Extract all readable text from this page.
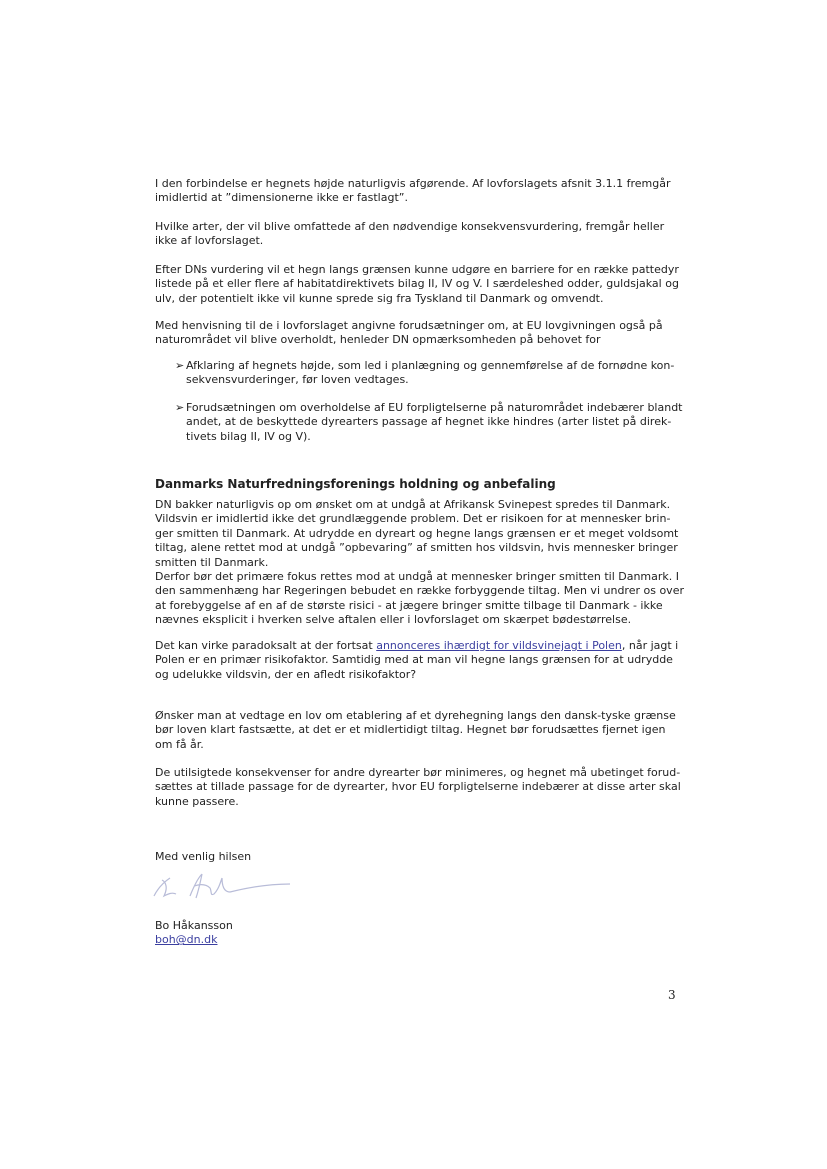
I den forbindelse er hegnets højde naturligvis afgørende. Af lovforslagets afsnit 3.1.1 fremgår imidlertid at ”dimensionerne ikke er fastlagt”.

Hvilke arter, der vil blive omfattede af den nødvendige konsekvensvurdering, fremgår heller ikke af lovforslaget.

Efter DNs vurdering vil et hegn langs grænsen kunne udgøre en barriere for en række pattedyr listede på et eller flere af habitatdirektivets bilag II, IV og V. I særdeleshed odder, guldsjakal og ulv, der potentielt ikke vil kunne sprede sig fra Tyskland til Danmark og omvendt.

Med henvisning til de i lovforslaget angivne forudsætninger om, at EU lovgivningen også på naturområdet vil blive overholdt, henleder DN opmærksomheden på behovet for

➢ Afklaring af hegnets højde, som led i planlægning og gennemførelse af de fornødne kon-sekvensvurderinger, før loven vedtages.
➢ Forudsætningen om overholdelse af EU forpligtelserne på naturområdet indebærer blandt andet, at de beskyttede dyrearters passage af hegnet ikke hindres (arter listet på direk-tivets bilag II, IV og V).
Danmarks Naturfredningsforenings holdning og anbefaling

DN bakker naturligvis op om ønsket om at undgå at Afrikansk Svinepest spredes til Danmark. Vildsvin er imidlertid ikke det grundlæggende problem. Det er risikoen for at mennesker brin-ger smitten til Danmark. At udrydde en dyreart og hegne langs grænsen er et meget voldsomt tiltag, alene rettet mod at undgå ”opbevaring” af smitten hos vildsvin, hvis mennesker bringer smitten til Danmark.

Derfor bør det primære fokus rettes mod at undgå at mennesker bringer smitten til Danmark. I den sammenhæng har Regeringen bebudet en række forbyggende tiltag. Men vi undrer os over at forebyggelse af en af de største risici - at jægere bringer smitte tilbage til Danmark - ikke nævnes eksplicit i hverken selve aftalen eller i lovforslaget om skærpet bødestørrelse.

Det kan virke paradoksalt at der fortsat annonceres ihærdigt for vildsvinejagt i Polen, når jagt i Polen er en primær risikofaktor. Samtidig med at man vil hegne langs grænsen for at udrydde og udelukke vildsvin, der en afledt risikofaktor?

Ønsker man at vedtage en lov om etablering af et dyrehegning langs den dansk-tyske grænse bør loven klart fastsætte, at det er et midlertidigt tiltag. Hegnet bør forudsættes fjernet igen om få år.

De utilsigtede konsekvenser for andre dyrearter bør minimeres, og hegnet må ubetinget forud-sættes at tillade passage for de dyrearter, hvor EU forpligtelserne indebærer at disse arter skal kunne passere.

Med venlig hilsen

Bo Håkansson

boh@dn.dk

3
